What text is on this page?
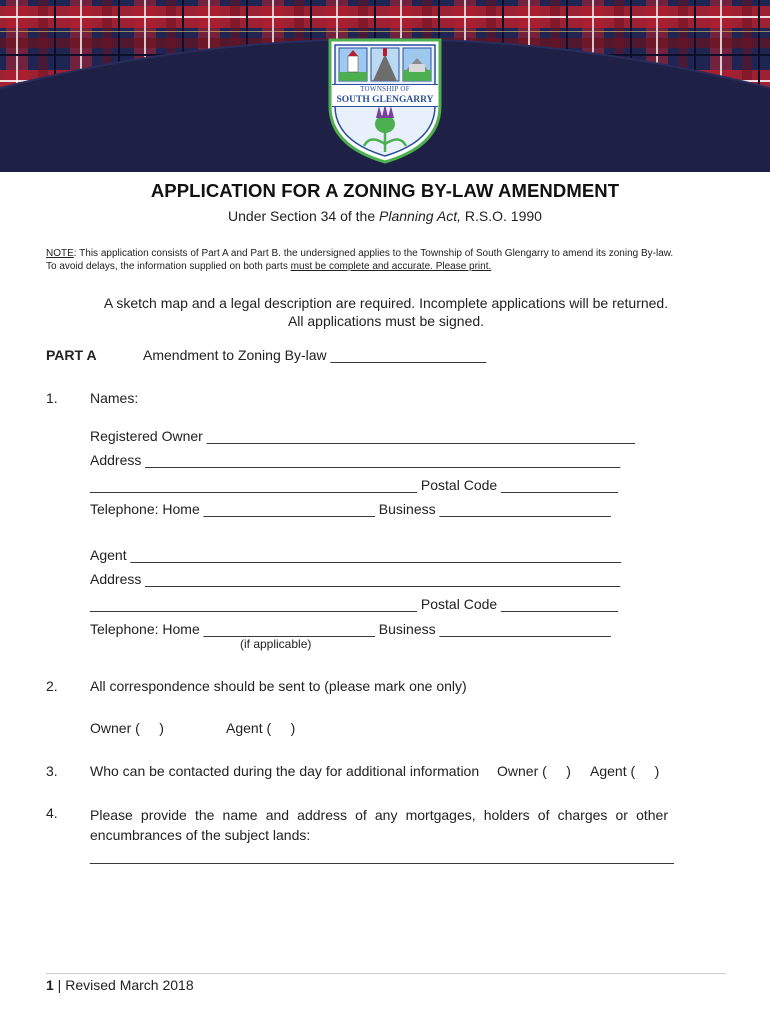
TOWNSHIP OF
SOUTH GLENGARRY
APPLICATION FOR A ZONING BY-LAW AMENDMENT
Under Section 34 of the Planning Act, R.S.O. 1990
NOTE: This application consists of Part A and Part B. the undersigned applies to the Township of South Glengarry to amend its zoning By-law.
To avoid delays, the information supplied on both parts must be complete and accurate. Please print.
A sketch map and a legal description are required. Incomplete applications will be returned.
All applications must be signed.
PART A	Amendment to Zoning By-law ____________________
1. Names:
Registered Owner _______________________________________________________
Address _____________________________________________________________
__________________________________________ Postal Code _______________
Telephone: Home ______________________ Business ______________________
Agent _______________________________________________________________
Address _____________________________________________________________
__________________________________________ Postal Code _______________
Telephone: Home ______________________ Business ______________________
(if applicable)
2. All correspondence should be sent to (please mark one only)
Owner (     )	Agent (     )
3. Who can be contacted during the day for additional information Owner (     ) Agent (     )
4. Please provide the name and address of any mortgages, holders of charges or other encumbrances of the subject lands:
___________________________________________________________________________
1 | Revised March 2018
